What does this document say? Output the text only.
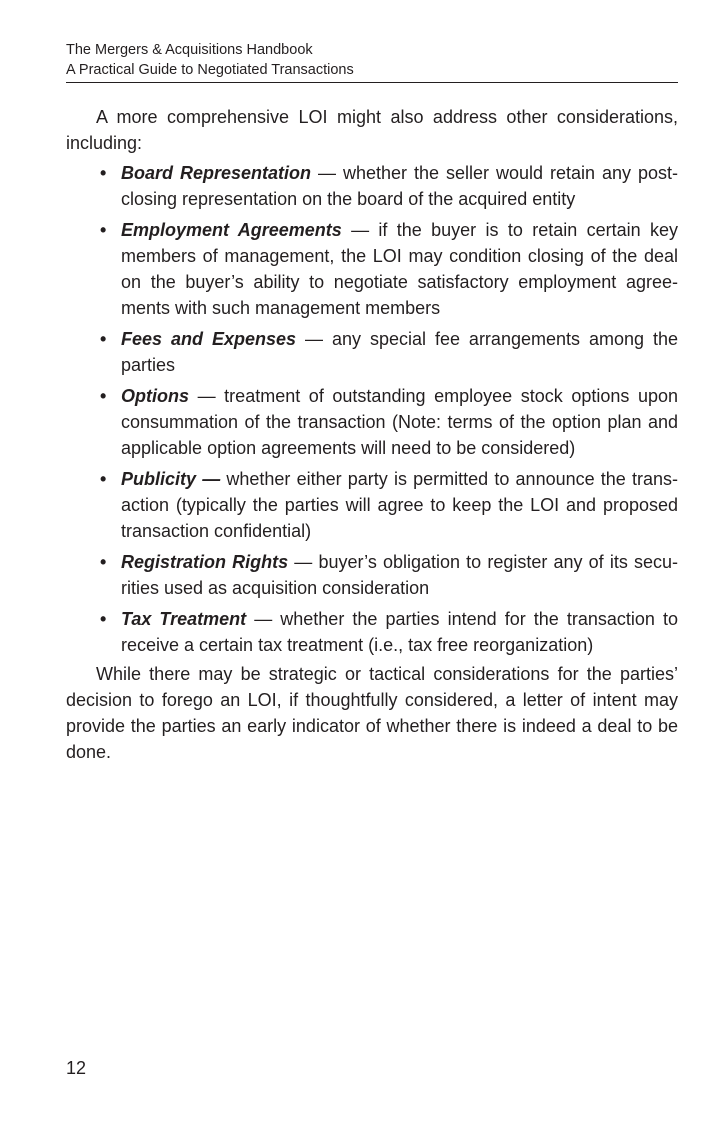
The Mergers & Acquisitions Handbook
A Practical Guide to Negotiated Transactions

A more comprehensive LOI might also address other considerations, including:

• Board Representation — whether the seller would retain any post-closing representation on the board of the acquired entity
• Employment Agreements — if the buyer is to retain certain key members of management, the LOI may condition closing of the deal on the buyer’s ability to negotiate satisfactory employment agreements with such management members
• Fees and Expenses — any special fee arrangements among the parties
• Options — treatment of outstanding employee stock options upon consummation of the transaction (Note: terms of the option plan and applicable option agreements will need to be considered)
• Publicity — whether either party is permitted to announce the transaction (typically the parties will agree to keep the LOI and proposed transaction confidential)
• Registration Rights — buyer’s obligation to register any of its securities used as acquisition consideration
• Tax Treatment — whether the parties intend for the transaction to receive a certain tax treatment (i.e., tax free reorganization)

While there may be strategic or tactical considerations for the parties’ decision to forego an LOI, if thoughtfully considered, a letter of intent may provide the parties an early indicator of whether there is indeed a deal to be done.

12
